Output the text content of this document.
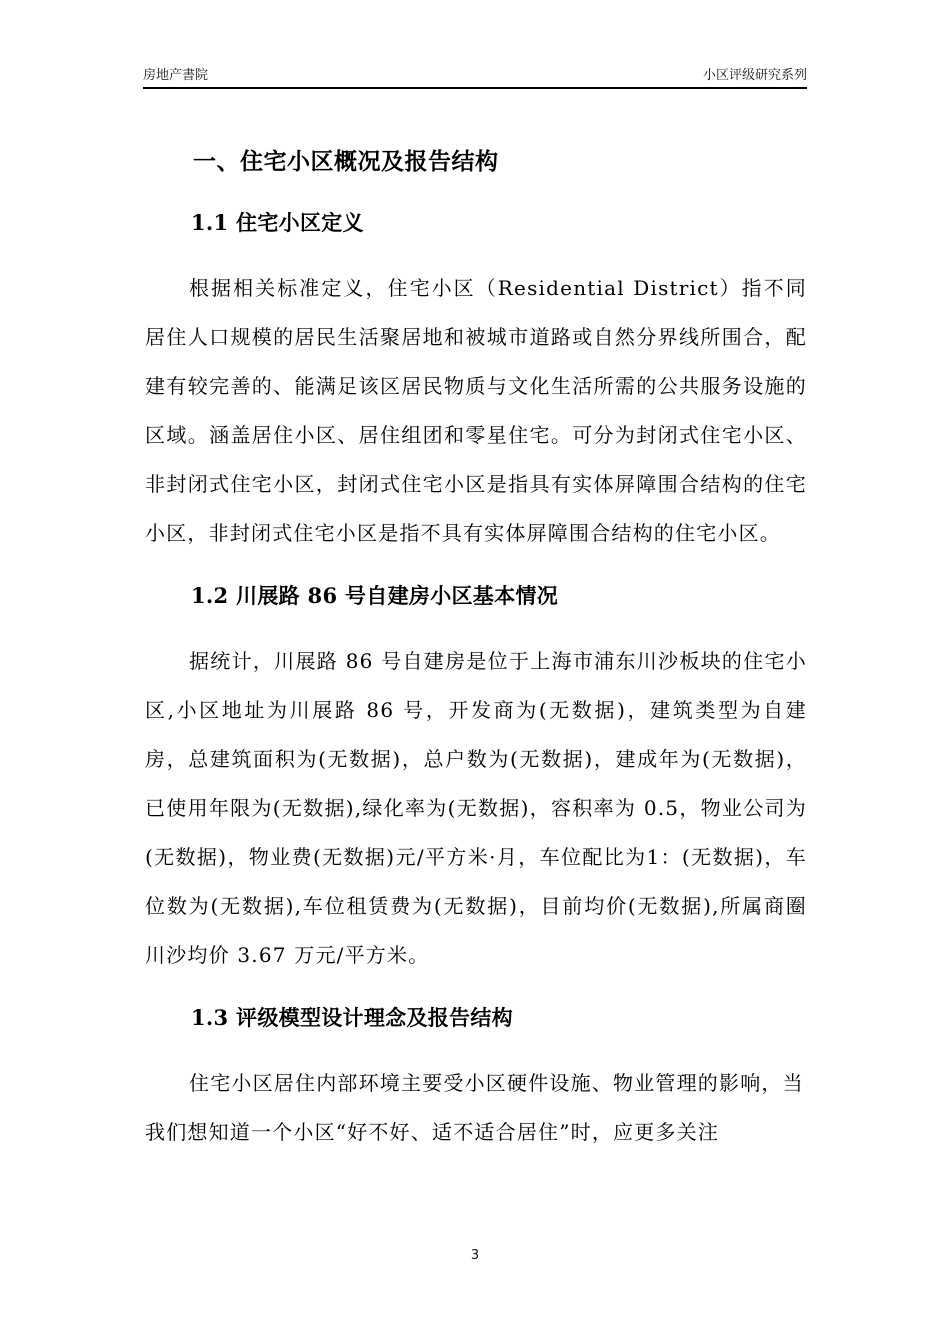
房地产書院	小区评级研究系列
一、住宅小区概况及报告结构
1.1 住宅小区定义

根据相关标准定义，住宅小区（Residential District）指不同居住人口规模的居民生活聚居地和被城市道路或自然分界线所围合，配建有较完善的、能满足该区居民物质与文化生活所需的公共服务设施的区域。涵盖居住小区、居住组团和零星住宅。可分为封闭式住宅小区、非封闭式住宅小区，封闭式住宅小区是指具有实体屏障围合结构的住宅小区，非封闭式住宅小区是指不具有实体屏障围合结构的住宅小区。

1.2 川展路 86 号自建房小区基本情况

据统计，川展路 86 号自建房是位于上海市浦东川沙板块的住宅小区,小区地址为川展路 86 号，开发商为(无数据)，建筑类型为自建房，总建筑面积为(无数据)，总户数为(无数据)，建成年为(无数据)，已使用年限为(无数据),绿化率为(无数据)，容积率为 0.5，物业公司为(无数据)，物业费(无数据)元/平方米·月，车位配比为1：(无数据)，车位数为(无数据),车位租赁费为(无数据)，目前均价(无数据),所属商圈川沙均价 3.67 万元/平方米。

1.3 评级模型设计理念及报告结构

住宅小区居住内部环境主要受小区硬件设施、物业管理的影响，当我们想知道一个小区“好不好、适不适合居住”时，应更多关注

3
